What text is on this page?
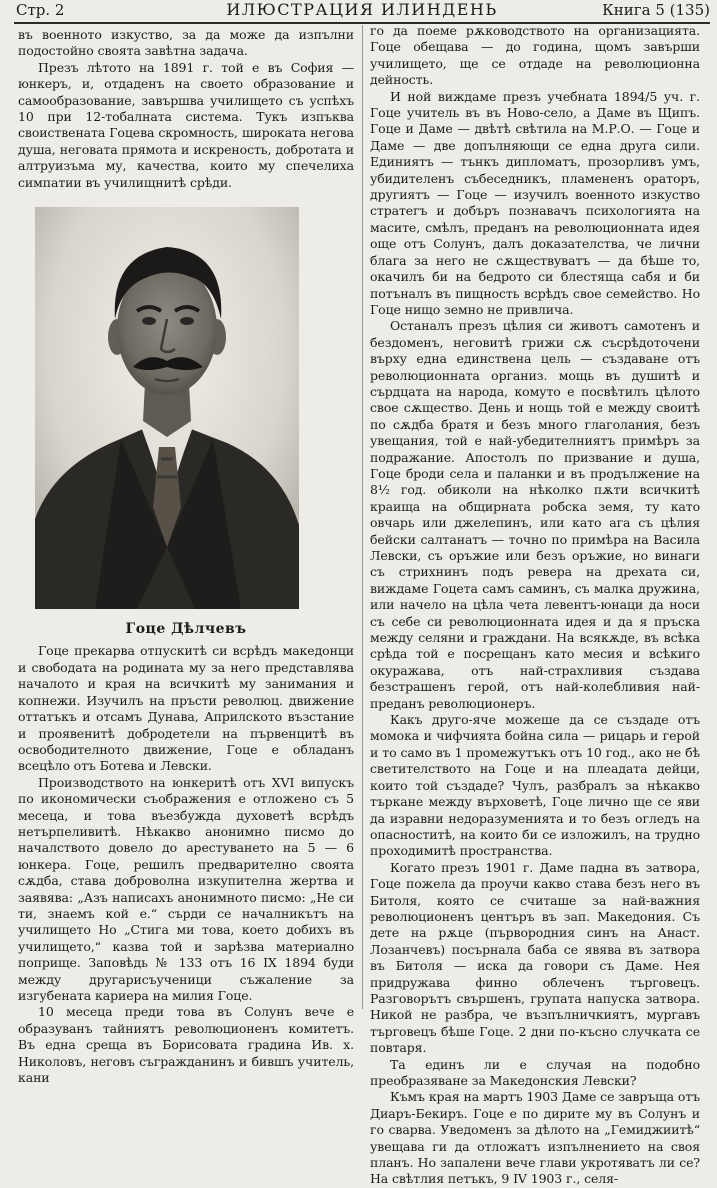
Стр. 2	ИЛЮСТРАЦИЯ ИЛИНДЕНЬ	Книга 5 (135)

въ военното изкуство, за да може да изпълни подостойно своята завѣтна задача.

Презъ лѣтото на 1891 г. той е въ София — юнкеръ, и, отдаденъ на своето образование и самообразование, завършва училището съ успѣхъ 10 при 12-тобалната система. Тукъ изпъква своиствената Гоцева скромность, широката негова душа, неговата прямота и искреность, добротата и алтруизъма му, качества, които му спечелиха симпатии въ училищнитѣ срѣди.

Гоце Дѣлчевъ

Гоце прекарва отпускитѣ си всрѣдъ македонци и свободата на родината му за него представлява началото и края на всичкитѣ му занимания и копнежи. Изучилъ на пръсти революц. движение оттатъкъ и отсамъ Дунава, Априлското възстание и проявенитѣ добродетели на първенцитѣ въ освободителното движение, Гоце е обладанъ всецѣло отъ Ботева и Левски.

Производството на юнкеритѣ отъ XVI випускъ по икономически съображения е отложено съ 5 месеца, и това въезбужда духоветѣ всрѣдъ нетърпеливитѣ. Нѣкакво анонимно писмо до началството довело до арестуването на 5 — 6 юнкера. Гоце, решилъ предварително своята сѫдба, става доброволна изкупителна жертва и заявява: „Азъ написахъ анонимното писмо: „Не си ти, знаемъ кой е.“ сърди се началникътъ на училището Но „Стига ми това, което добихъ въ училището,“ казва той и зарѣзва материално поприще. Заповѣдь № 133 отъ 16 IX 1894 буди между другарисъученици съжаление за изгубената кариера на милия Гоце.

10 месеца преди това въ Солунъ вече е образуванъ тайниятъ революционенъ комитетъ. Въ една среща въ Борисовата градина Ив. х. Николовъ, неговъ съгражданинъ и бившъ учитель, кани

го да поеме рѫководството на организацията. Гоце обещава — до година, щомъ завърши училището, ще се отдаде на революционна дейность.

И ной виждаме презъ учебната 1894/5 уч. г. Гоце учитель въ въ Ново-село, а Даме въ Щипъ. Гоце и Даме — двѣтѣ свѣтила на М.Р.О. — Гоце и Даме — две допълняющи се една друга сили. Единиятъ — тънкъ дипломатъ, прозорливъ умъ, убидителенъ събеседникъ, пламененъ ораторъ, другиятъ — Гоце — изучилъ военното изкуство стратегъ и добъръ познавачъ психологията на масите, смѣлъ, преданъ на революционната идея още отъ Солунъ, далъ доказателства, че лични блага за него не сѫществуватъ — да бѣше то, окачилъ би на бедрото си блестяща сабя и би потъналъ въ пищность всрѣдъ свое семейство. Но Гоце нищо земно не привлича.

Останалъ презъ цѣлия си животъ самотенъ и бездоменъ, неговитѣ грижи сѫ съсрѣдоточени върху една единствена цель — създаване отъ революционната организ. мощь въ душитѣ и сърдцата на народа, комуто е посвѣтилъ цѣлото свое сѫщество. День и нощь той е между своитѣ по сѫдба братя и безъ много глаголания, безъ увещания, той е най-убедителниятъ примѣръ за подражание. Апостолъ по призвание и душа, Гоце броди села и паланки и въ продължение на 8½ год. обиколи на нѣколко пѫти всичкитѣ краища на общирната робска земя, ту като овчарь или джелепинъ, или като ага съ цѣлия бейски салтанатъ — точно по примѣра на Васила Левски, съ оръжие или безъ оръжие, но винаги съ стрихнинъ подъ ревера на дрехата си, виждаме Гоцета самъ саминъ, съ малка дружина, или начело на цѣла чета левентъ-юнаци да носи съ себе си революционната идея и да я пръска между селяни и граждани. На всякѫде, въ всѣка срѣда той е посрещанъ като месия и всѣкиго окуражава, отъ най-страхливия създава безстрашенъ герой, отъ най-колебливия най-преданъ революционеръ.

Какъ друго-яче можеше да се създаде отъ момока и чифчията бойна сила — рицарь и герой и то само въ 1 промежутъкъ отъ 10 год., ако не бѣ светителството на Гоце и на плеадата дейци, които той създаде? Чулъ, разбралъ за нѣкакво търкане между върховетѣ, Гоце лично ще се яви да изравни недоразуменията и то безъ огледъ на опасноститѣ, на които би се изложилъ, на трудно проходимитѣ пространства.

Когато презъ 1901 г. Даме падна въ затвора, Гоце пожела да проучи какво става безъ него въ Битоля, която се считаше за най-важния революционенъ центъръ въ зап. Македония. Съ дете на рѫце (първородния синъ на Анаст. Лозанчевъ) посърнала баба се явява въ затвора въ Битоля — иска да говори съ Даме. Нея придружава финно облеченъ търговецъ. Разговорътъ свършенъ, групата напуска затвора. Никой не разбра, че възпълничкиятъ, мургавъ търговецъ бѣше Гоце. 2 дни по-късно случката се повтаря.

Та единъ ли е случая на подобно преобразяване за Македонския Левски?

Къмъ края на мартъ 1903 Даме се завръща отъ Диаръ-Бекиръ. Гоце е по дирите му въ Солунъ и го сварва. Уведоменъ за дѣлото на „Гемиджиитѣ“ увещава ги да отложатъ изпълнението на своя планъ. Но запалени вече глави укротяватъ ли се? На свѣтлия петъкъ, 9 IV 1903 г., селя-
